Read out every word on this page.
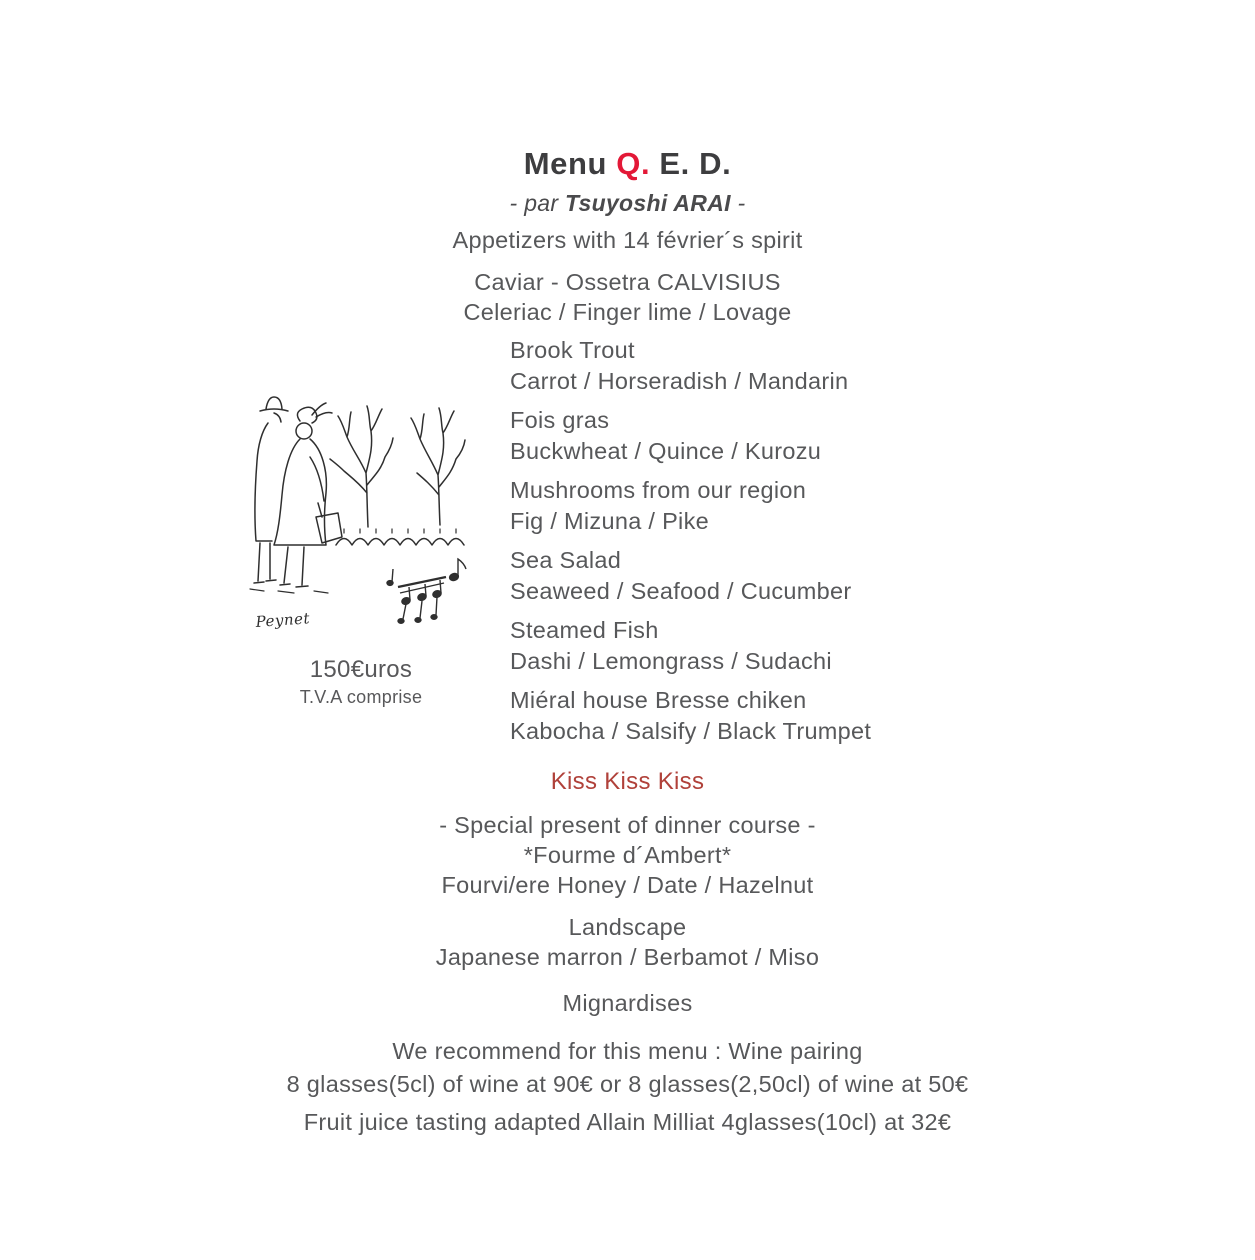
Menu Q. E. D.
- par Tsuyoshi ARAI -
Appetizers with 14 février´s spirit
Caviar - Ossetra CALVISIUS
Celeriac / Finger lime / Lovage
Peynet
150€uros
T.V.A comprise
Brook Trout
Carrot / Horseradish / Mandarin
Fois gras
Buckwheat / Quince / Kurozu
Mushrooms from our region
Fig / Mizuna / Pike
Sea Salad
Seaweed / Seafood / Cucumber
Steamed Fish
Dashi / Lemongrass / Sudachi
Miéral house Bresse chiken
Kabocha / Salsify / Black Trumpet
Kiss Kiss Kiss
- Special present of dinner course -
*Fourme d´Ambert*
Fourvi/ere Honey / Date / Hazelnut
Landscape
Japanese marron / Berbamot / Miso
Mignardises
We recommend for this menu : Wine pairing
8 glasses(5cl) of wine at 90€ or 8 glasses(2,50cl) of wine at 50€
Fruit juice tasting adapted Allain Milliat 4glasses(10cl) at 32€
